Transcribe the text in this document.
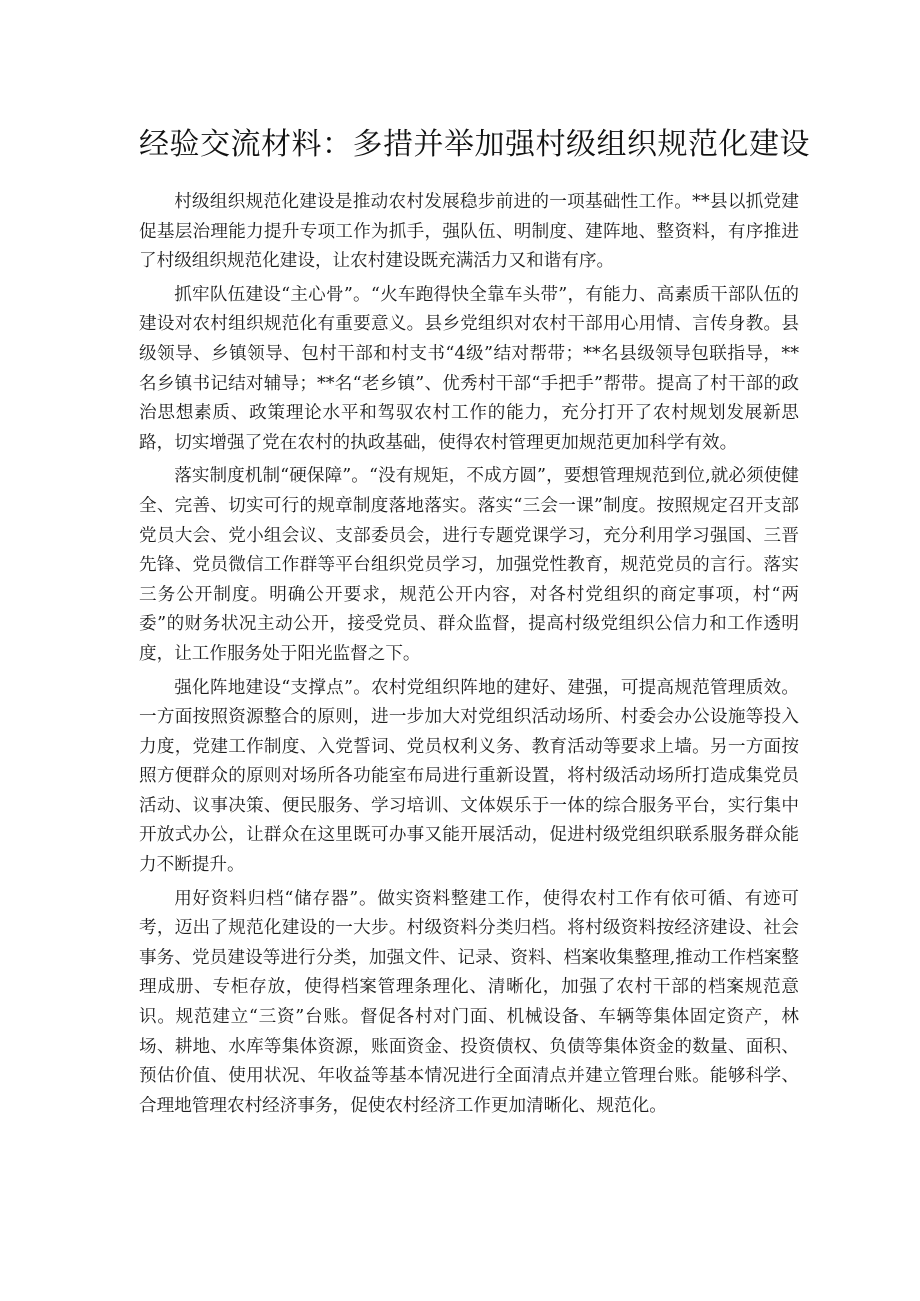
经验交流材料：多措并举加强村级组织规范化建设

村级组织规范化建设是推动农村发展稳步前进的一项基础性工作。**县以抓党建促基层治理能力提升专项工作为抓手，强队伍、明制度、建阵地、整资料，有序推进了村级组织规范化建设，让农村建设既充满活力又和谐有序。

抓牢队伍建设“主心骨”。“火车跑得快全靠车头带”，有能力、高素质干部队伍的建设对农村组织规范化有重要意义。县乡党组织对农村干部用心用情、言传身教。县级领导、乡镇领导、包村干部和村支书“4级”结对帮带；**名县级领导包联指导，**名乡镇书记结对辅导；**名“老乡镇”、优秀村干部“手把手”帮带。提高了村干部的政治思想素质、政策理论水平和驾驭农村工作的能力，充分打开了农村规划发展新思路，切实增强了党在农村的执政基础，使得农村管理更加规范更加科学有效。

落实制度机制“硬保障”。“没有规矩，不成方圆”，要想管理规范到位,就必须使健全、完善、切实可行的规章制度落地落实。落实“三会一课”制度。按照规定召开支部党员大会、党小组会议、支部委员会，进行专题党课学习，充分利用学习强国、三晋先锋、党员微信工作群等平台组织党员学习，加强党性教育，规范党员的言行。落实三务公开制度。明确公开要求，规范公开内容，对各村党组织的商定事项，村“两委”的财务状况主动公开，接受党员、群众监督，提高村级党组织公信力和工作透明度，让工作服务处于阳光监督之下。

强化阵地建设“支撑点”。农村党组织阵地的建好、建强，可提高规范管理质效。一方面按照资源整合的原则，进一步加大对党组织活动场所、村委会办公设施等投入力度，党建工作制度、入党誓词、党员权利义务、教育活动等要求上墙。另一方面按照方便群众的原则对场所各功能室布局进行重新设置，将村级活动场所打造成集党员活动、议事决策、便民服务、学习培训、文体娱乐于一体的综合服务平台，实行集中开放式办公，让群众在这里既可办事又能开展活动，促进村级党组织联系服务群众能力不断提升。

用好资料归档“储存器”。做实资料整建工作，使得农村工作有依可循、有迹可考，迈出了规范化建设的一大步。村级资料分类归档。将村级资料按经济建设、社会事务、党员建设等进行分类，加强文件、记录、资料、档案收集整理,推动工作档案整理成册、专柜存放，使得档案管理条理化、清晰化，加强了农村干部的档案规范意识。规范建立“三资”台账。督促各村对门面、机械设备、车辆等集体固定资产，林场、耕地、水库等集体资源，账面资金、投资债权、负债等集体资金的数量、面积、预估价值、使用状况、年收益等基本情况进行全面清点并建立管理台账。能够科学、合理地管理农村经济事务，促使农村经济工作更加清晰化、规范化。
